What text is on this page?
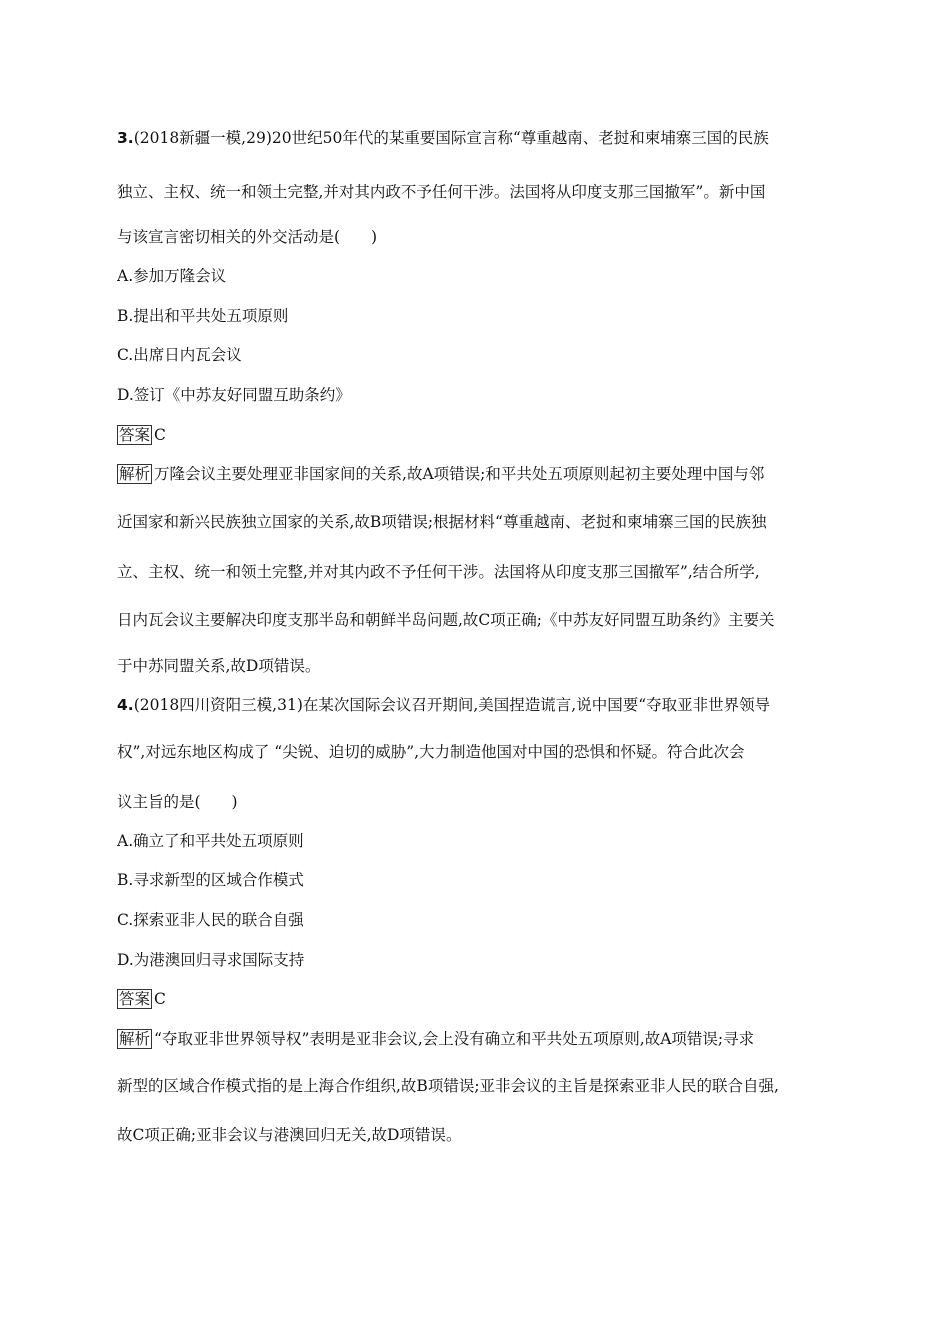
3.(2018新疆一模,29)20世纪50年代的某重要国际宣言称“尊重越南、老挝和柬埔寨三国的民族
独立、主权、统一和领土完整,并对其内政不予任何干涉。法国将从印度支那三国撤军”。新中国
与该宣言密切相关的外交活动是(　　)
A.参加万隆会议
B.提出和平共处五项原则
C.出席日内瓦会议
D.签订《中苏友好同盟互助条约》
答案 C
解析 万隆会议主要处理亚非国家间的关系,故A项错误;和平共处五项原则起初主要处理中国与邻
近国家和新兴民族独立国家的关系,故B项错误;根据材料“尊重越南、老挝和柬埔寨三国的民族独
立、主权、统一和领土完整,并对其内政不予任何干涉。法国将从印度支那三国撤军”,结合所学,
日内瓦会议主要解决印度支那半岛和朝鲜半岛问题,故C项正确;《中苏友好同盟互助条约》主要关
于中苏同盟关系,故D项错误。
4.(2018四川资阳三模,31)在某次国际会议召开期间,美国捏造谎言,说中国要“夺取亚非世界领导
权”,对远东地区构成了 “尖锐、迫切的威胁”,大力制造他国对中国的恐惧和怀疑。符合此次会
议主旨的是(　　)
A.确立了和平共处五项原则
B.寻求新型的区域合作模式
C.探索亚非人民的联合自强
D.为港澳回归寻求国际支持
答案 C
解析 “夺取亚非世界领导权”表明是亚非会议,会上没有确立和平共处五项原则,故A项错误;寻求
新型的区域合作模式指的是上海合作组织,故B项错误;亚非会议的主旨是探索亚非人民的联合自强,
故C项正确;亚非会议与港澳回归无关,故D项错误。
